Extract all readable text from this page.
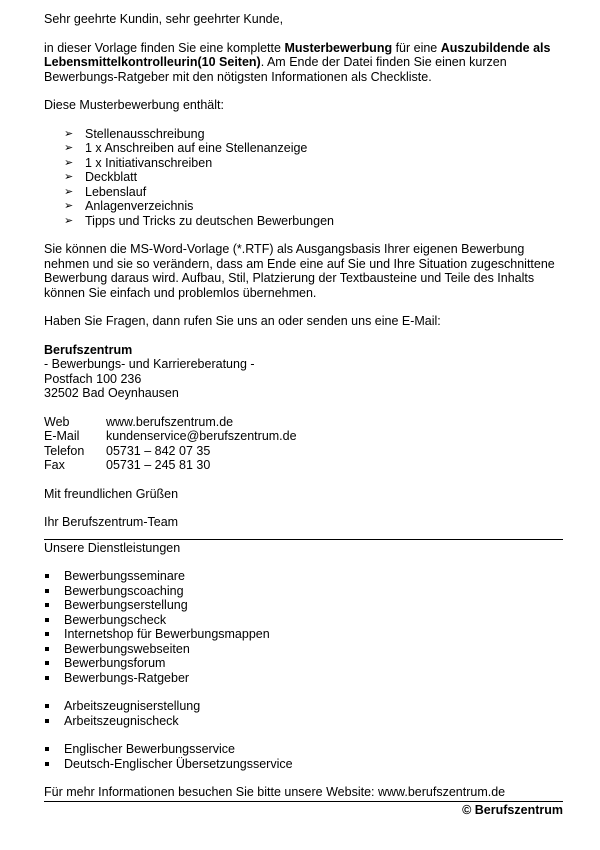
Sehr geehrte Kundin, sehr geehrter Kunde,

in dieser Vorlage finden Sie eine komplette Musterbewerbung für eine Auszubildende als Lebensmittelkontrolleurin(10 Seiten). Am Ende der Datei finden Sie einen kurzen Bewerbungs-Ratgeber mit den nötigsten Informationen als Checkliste.

Diese Musterbewerbung enthält:

➢ Stellenausschreibung
➢ 1 x Anschreiben auf eine Stellenanzeige
➢ 1 x Initiativanschreiben
➢ Deckblatt
➢ Lebenslauf
➢ Anlagenverzeichnis
➢ Tipps und Tricks zu deutschen Bewerbungen

Sie können die MS-Word-Vorlage (*.RTF) als Ausgangsbasis Ihrer eigenen Bewerbung nehmen und sie so verändern, dass am Ende eine auf Sie und Ihre Situation zugeschnittene Bewerbung daraus wird. Aufbau, Stil, Platzierung der Textbausteine und Teile des Inhalts können Sie einfach und problemlos übernehmen.

Haben Sie Fragen, dann rufen Sie uns an oder senden uns eine E-Mail:

Berufszentrum

- Bewerbungs- und Karriereberatung -

Postfach 100 236

32502 Bad Oeynhausen

Web	www.berufszentrum.de
E-Mail	kundenservice@berufszentrum.de
Telefon	05731 – 842 07 35
Fax	05731 – 245 81 30

Mit freundlichen Grüßen

Ihr Berufszentrum-Team

Unsere Dienstleistungen

Bewerbungsseminare
Bewerbungscoaching
Bewerbungserstellung
Bewerbungscheck
Internetshop für Bewerbungsmappen
Bewerbungswebseiten
Bewerbungsforum
Bewerbungs-Ratgeber
Arbeitszeugniserstellung
Arbeitszeugnischeck
Englischer Bewerbungsservice
Deutsch-Englischer Übersetzungsservice

Für mehr Informationen besuchen Sie bitte unsere Website: www.berufszentrum.de

© Berufszentrum
